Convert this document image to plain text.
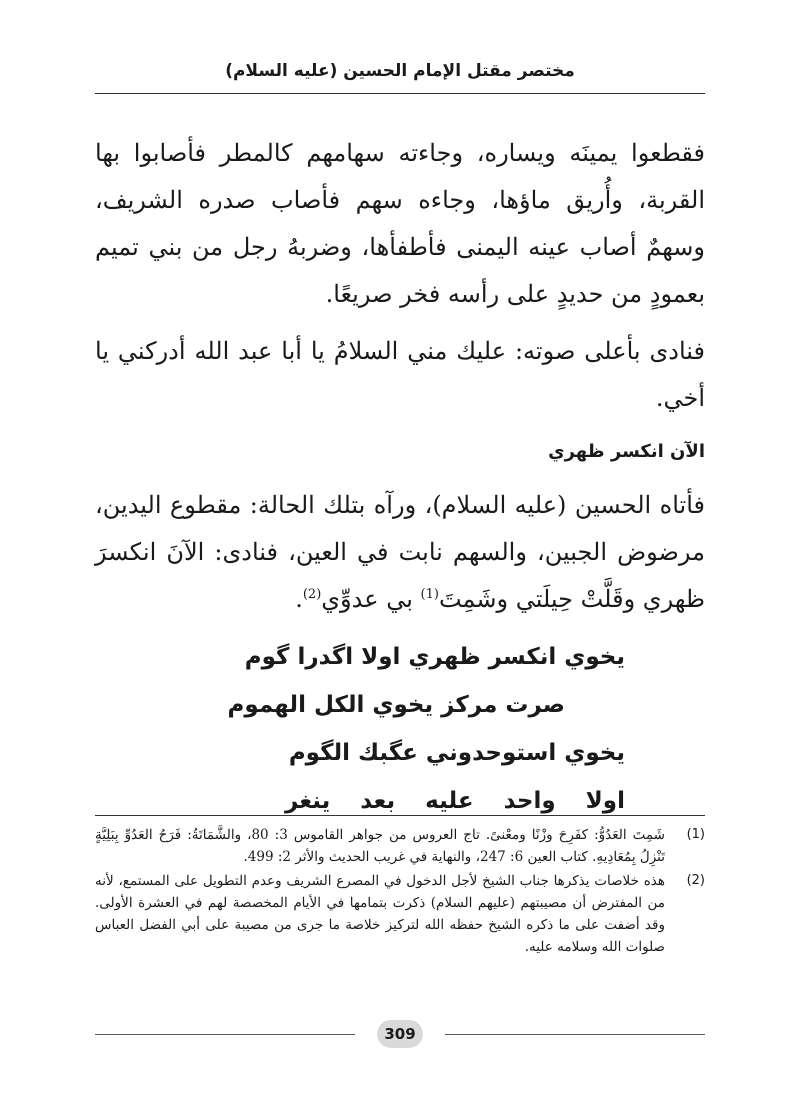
مختصر مقتل الإمام الحسين (عليه السلام)

فقطعوا يمينَه ويساره، وجاءته سهامهم كالمطر فأصابوا بها القربة، وأُريق ماؤها، وجاءه سهم فأصاب صدره الشريف، وسهمٌ أصاب عينه اليمنى فأطفأها، وضربهُ رجل من بني تميم بعمودٍ من حديدٍ على رأسه فخر صريعًا.

فنادى بأعلى صوته: عليك مني السلامُ يا أبا عبد الله أدركني يا أخي.

الآن انكسر ظهري

فأتاه الحسين (عليه السلام)، ورآه بتلك الحالة: مقطوع اليدين، مرضوض الجبين، والسهم نابت في العين، فنادى: الآنَ انكسرَ ظهري وقَلَّتْ حِيلَتي وشَمِتَ$^{(1)}$ بي عدوِّي$^{(2)}$.

يخوي انكسر ظهري اولا اگدرا گوم
صرت مركز يخوي الكل الهموم
يخوي استوحدوني عگبك الگوم
اولا واحد عليه بعد ينغر
(1)
شَمِتَ العَدُوُّ: كفَرِحَ وزْنًا ومعْنىً. تاج العروس من جواهر القاموس 3: 80، والشَّمَاتَةُ: فَرَحُ العَدُوِّ بِبَلِيَّةٍ تَنْزِلُ بِمُعَادِيهِ. كتاب العين 6: 247، والنهاية في غريب الحديث والأثر 2: 499.
(2)
هذه خلاصات يذكرها جناب الشيخ لأجل الدخول في المصرع الشريف وعدم التطويل على المستمع، لأنه من المفترض أن مصيبتهم (عليهم السلام) ذكرت بتمامها في الأيام المخصصة لهم في العشرة الأولى. وقد أضفت على ما ذكره الشيخ حفظه الله لتركيز خلاصة ما جرى من مصيبة على أبي الفضل العباس صلوات الله وسلامه عليه.
309
